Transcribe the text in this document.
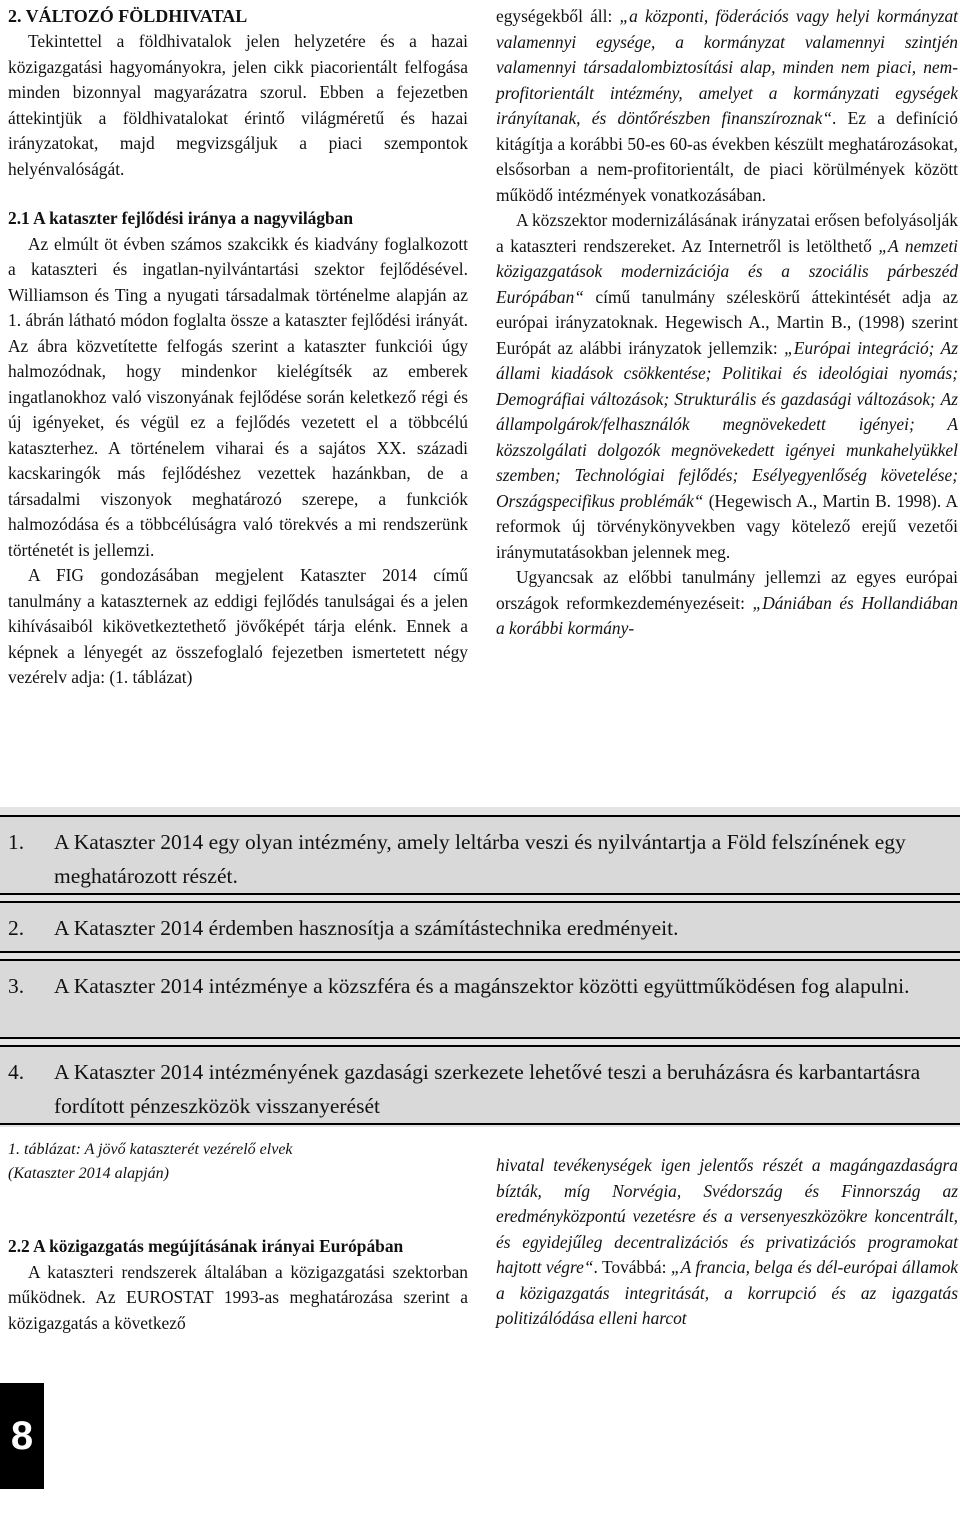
2. VÁLTOZÓ FÖLDHIVATAL

Tekintettel a földhivatalok jelen helyzetére és a hazai közigazgatási hagyományokra, jelen cikk piacorientált felfogása minden bizonnyal magyarázatra szorul. Ebben a fejezetben áttekintjük a földhivatalokat érintő világméretű és hazai irányzatokat, majd megvizsgáljuk a piaci szempontok helyénvalóságát.

2.1 A kataszter fejlődési iránya a nagyvilágban

Az elmúlt öt évben számos szakcikk és kiadvány foglalkozott a kataszteri és ingatlan-nyilvántartási szektor fejlődésével. Williamson és Ting a nyugati társadalmak történelme alapján az 1. ábrán látható módon foglalta össze a kataszter fejlődési irányát. Az ábra közvetítette felfogás szerint a kataszter funkciói úgy halmozódnak, hogy mindenkor kielégítsék az emberek ingatlanokhoz való viszonyának fejlődése során keletkező régi és új igényeket, és végül ez a fejlődés vezetett el a többcélú kataszterhez. A történelem viharai és a sajátos XX. századi kacskaringók más fejlődéshez vezettek hazánkban, de a társadalmi viszonyok meghatározó szerepe, a funkciók halmozódása és a többcélúságra való törekvés a mi rendszerünk történetét is jellemzi.

A FIG gondozásában megjelent Kataszter 2014 című tanulmány a kataszternek az eddigi fejlődés tanulságai és a jelen kihívásaiból kikövetkeztethető jövőképét tárja elénk. Ennek a képnek a lényegét az összefoglaló fejezetben ismertetett négy vezérelv adja: (1. táblázat)

egységekből áll: „a központi, föderációs vagy helyi kormányzat valamennyi egysége, a kormányzat valamennyi szintjén valamennyi társadalombiztosítási alap, minden nem piaci, nem-profitorientált intézmény, amelyet a kormányzati egységek irányítanak, és döntőrészben finanszíroznak“. Ez a definíció kitágítja a korábbi 50-es 60-as években készült meghatározásokat, elsősorban a nem-profitorientált, de piaci körülmények között működő intézmények vonatkozásában.

A közszektor modernizálásának irányzatai erősen befolyásolják a kataszteri rendszereket. Az Internetről is letölthető „A nemzeti közigazgatások modernizációja és a szociális párbeszéd Európában“ című tanulmány széleskörű áttekintését adja az európai irányzatoknak. Hegewisch A., Martin B., (1998) szerint Európát az alábbi irányzatok jellemzik: „Európai integráció; Az állami kiadások csökkentése; Politikai és ideológiai nyomás; Demográfiai változások; Strukturális és gazdasági változások; Az állampolgárok/felhasználók megnövekedett igényei; A közszolgálati dolgozók megnövekedett igényei munkahelyükkel szemben; Technológiai fejlődés; Esélyegyenlőség követelése; Országspecifikus problémák“ (Hegewisch A., Martin B. 1998). A reformok új törvénykönyvekben vagy kötelező erejű vezetői iránymutatásokban jelennek meg.

Ugyancsak az előbbi tanulmány jellemzi az egyes európai országok reformkezdeményezéseit: „Dániában és Hollandiában a korábbi kormány-

1.	A Kataszter 2014 egy olyan intézmény, amely leltárba veszi és nyilvántartja a Föld felszínének egy meghatározott részét.
2.	A Kataszter 2014 érdemben hasznosítja a számítástechnika eredményeit.
3.	A Kataszter 2014 intézménye a közszféra és a magánszektor közötti együttműködésen fog alapulni.
4.	A Kataszter 2014 intézményének gazdasági szerkezete lehetővé teszi a beruházásra és karbantartásra fordított pénzeszközök visszanyerését
1. táblázat: A jövő kataszterét vezérelő elvek
(Kataszter 2014 alapján)
2.2 A közigazgatás megújításának irányai Európában

A kataszteri rendszerek általában a közigazgatási szektorban működnek. Az EUROSTAT 1993-as meghatározása szerint a közigazgatás a következő

hivatal tevékenységek igen jelentős részét a magángazdaságra bízták, míg Norvégia, Svédország és Finnország az eredményközpontú vezetésre és a versenyeszközökre koncentrált, és egyidejűleg decentralizációs és privatizációs programokat hajtott végre“. Továbbá: „A francia, belga és dél-európai államok a közigazgatás integritását, a korrupció és az igazgatás politizálódása elleni harcot

8
